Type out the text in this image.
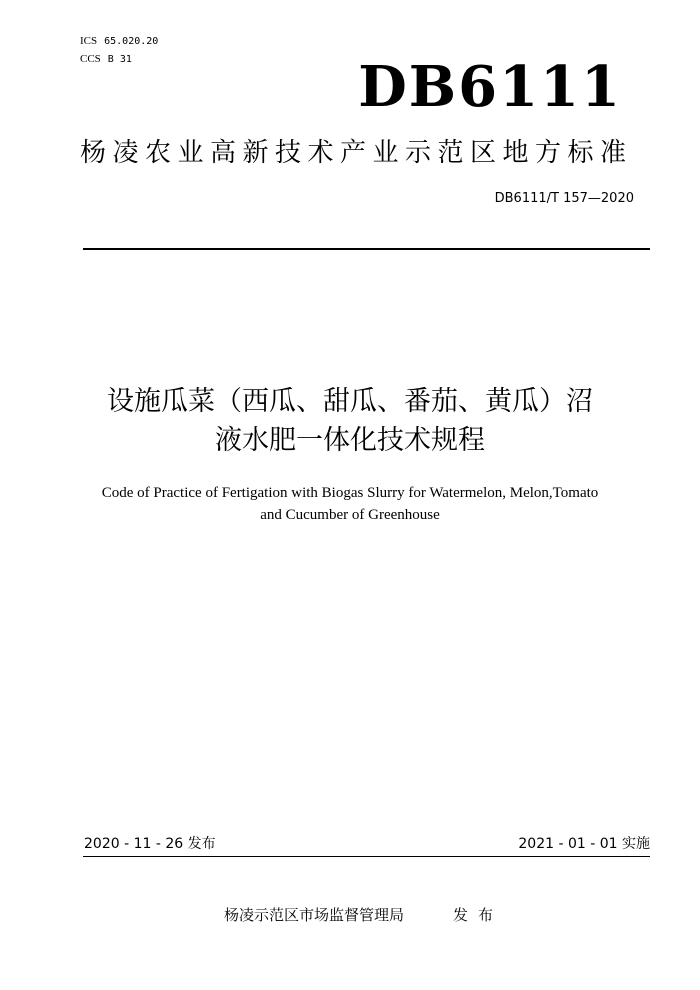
ICS 65.020.20
CCS B 31	DB6111
杨凌农业高新技术产业示范区地方标准
DB6111/T 157—2020
设施瓜菜（西瓜、甜瓜、番茄、黄瓜）沼
液水肥一体化技术规程
Code of Practice of Fertigation with Biogas Slurry for Watermelon, Melon,Tomato
and Cucumber of Greenhouse
2020 - 11 - 26 发布	2021 - 01 - 01 实施
杨凌示范区市场监督管理局	发布
